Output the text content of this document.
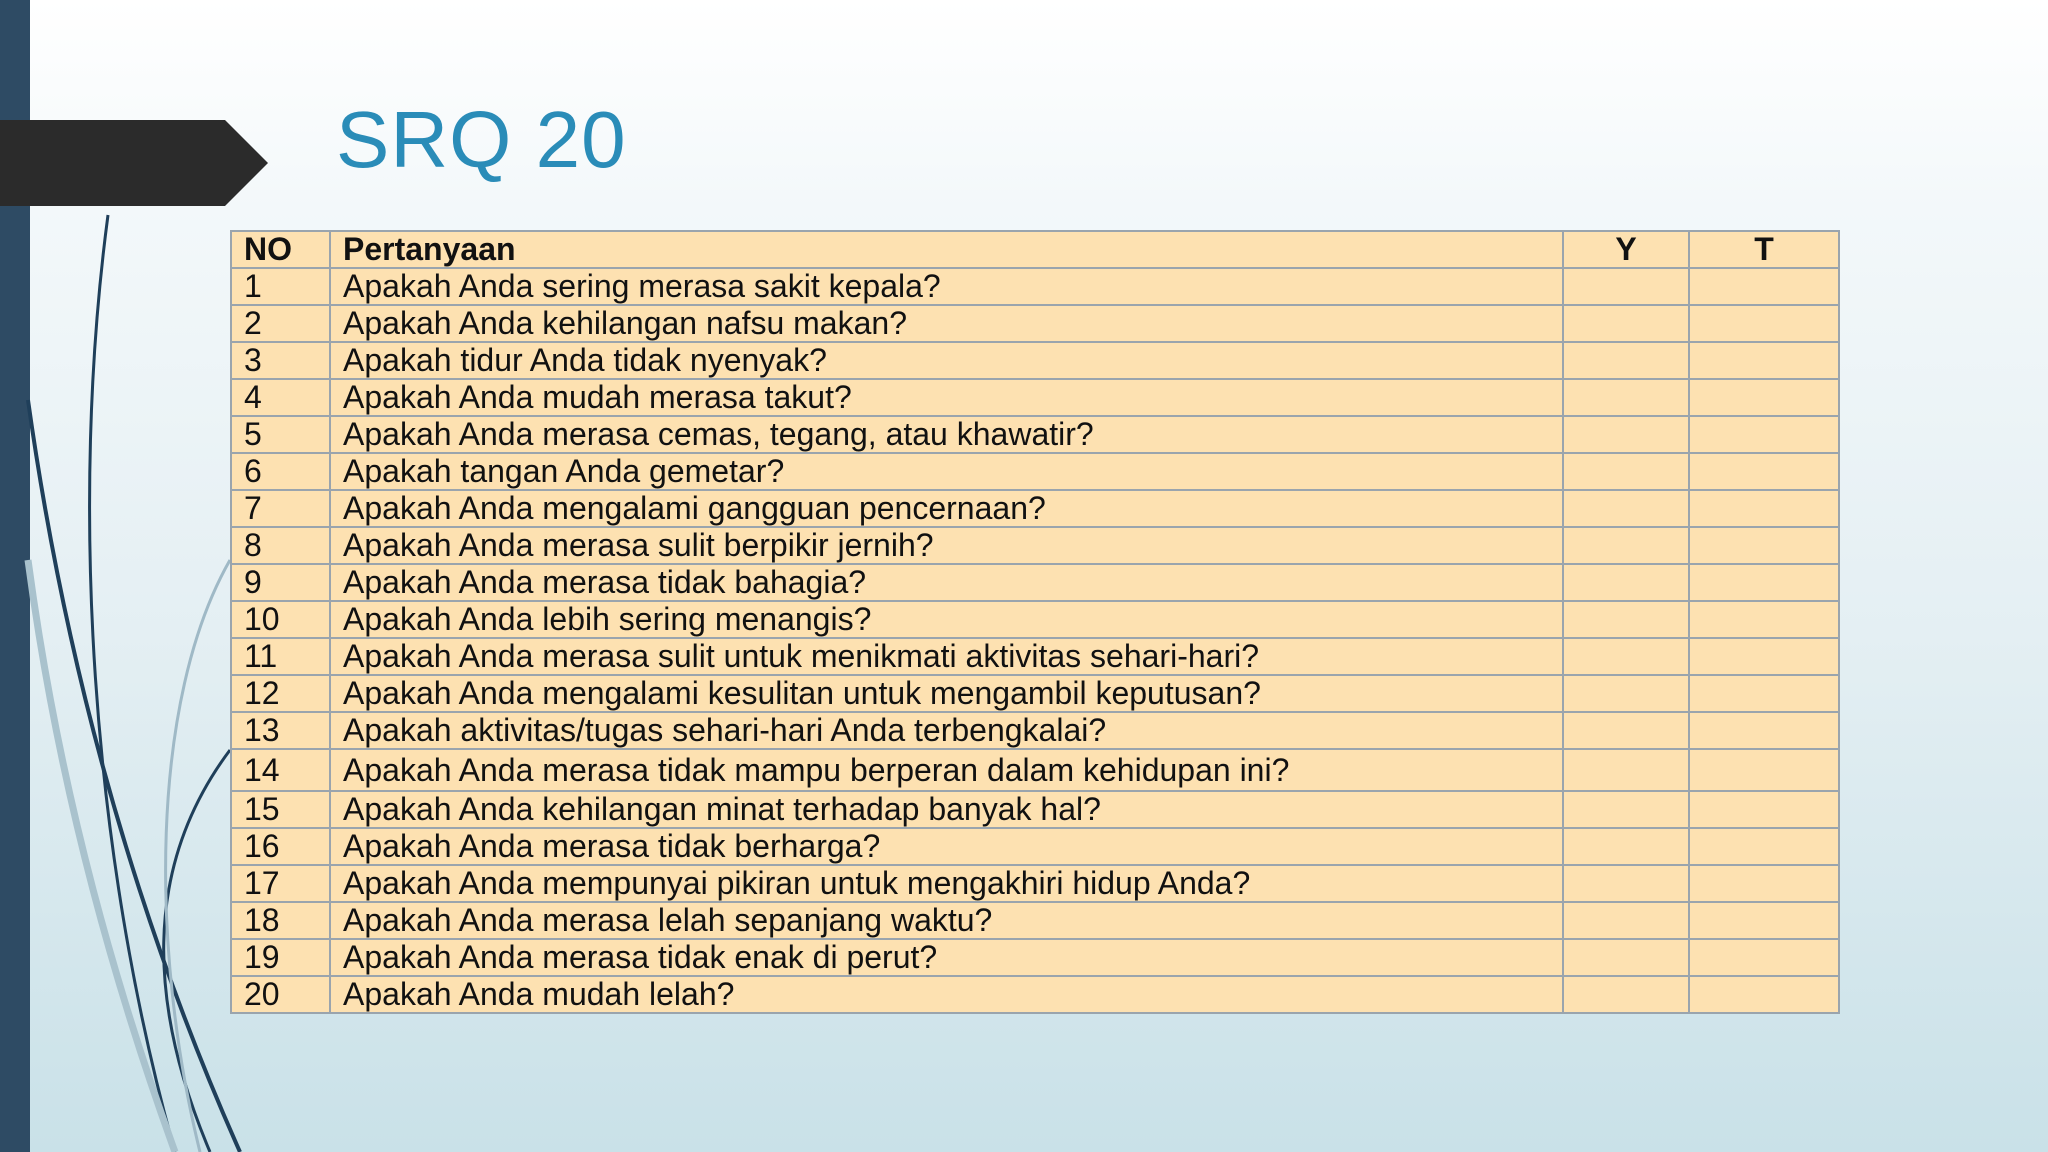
SRQ 20
NO	Pertanyaan	Y	T
1	Apakah Anda sering merasa sakit kepala?		
2	Apakah Anda kehilangan nafsu makan?		
3	Apakah tidur Anda tidak nyenyak?		
4	Apakah Anda mudah merasa takut?		
5	Apakah Anda merasa cemas, tegang, atau khawatir?		
6	Apakah tangan Anda gemetar?		
7	Apakah Anda mengalami gangguan pencernaan?		
8	Apakah Anda merasa sulit berpikir jernih?		
9	Apakah Anda merasa tidak bahagia?		
10	Apakah Anda lebih sering menangis?		
11	Apakah Anda merasa sulit untuk menikmati aktivitas sehari-hari?		
12	Apakah Anda mengalami kesulitan untuk mengambil keputusan?		
13	Apakah aktivitas/tugas sehari-hari Anda terbengkalai?		
14	Apakah Anda merasa tidak mampu berperan dalam kehidupan ini?		
15	Apakah Anda kehilangan minat terhadap banyak hal?		
16	Apakah Anda merasa tidak berharga?		
17	Apakah Anda mempunyai pikiran untuk mengakhiri hidup Anda?		
18	Apakah Anda merasa lelah sepanjang waktu?		
19	Apakah Anda merasa tidak enak di perut?		
20	Apakah Anda mudah lelah?		
